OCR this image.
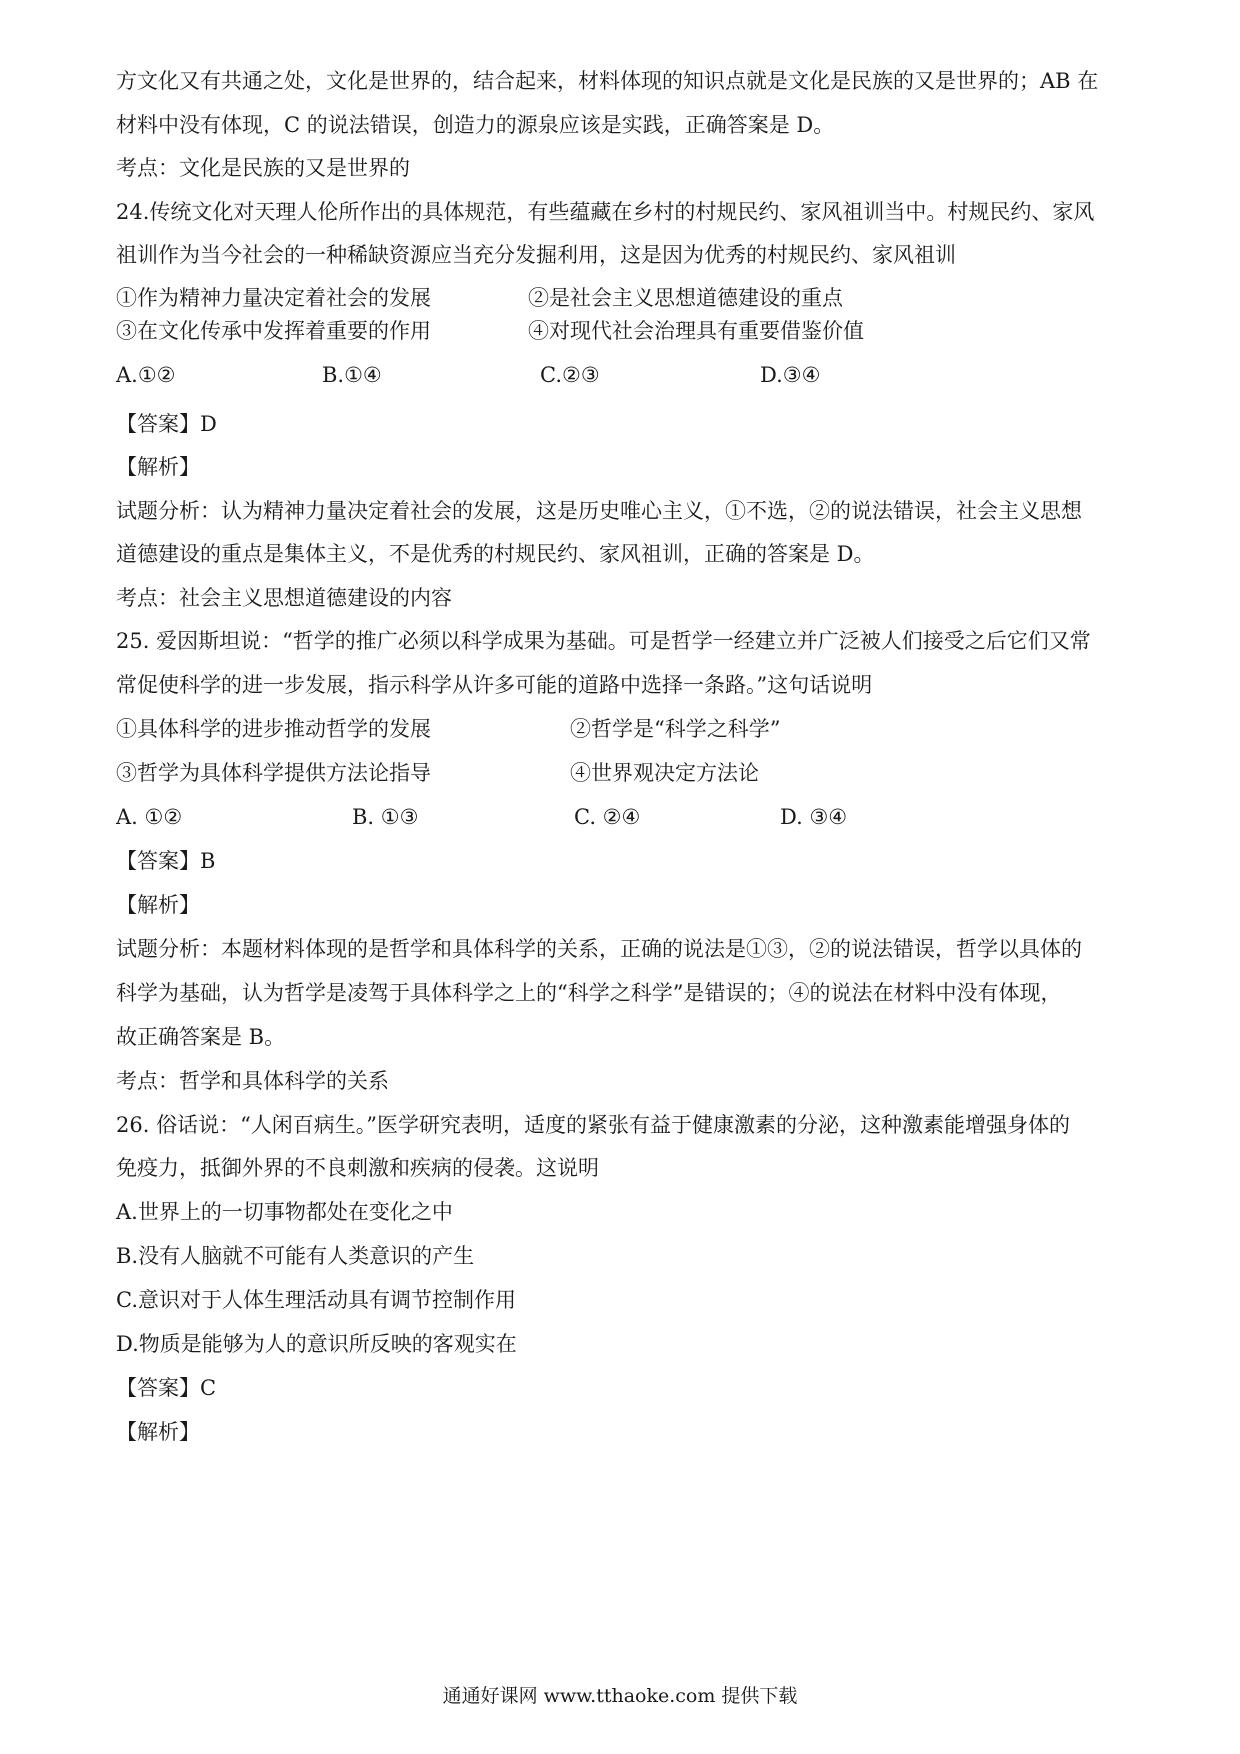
方文化又有共通之处，文化是世界的，结合起来，材料体现的知识点就是文化是民族的又是世界的；AB 在
材料中没有体现，C 的说法错误，创造力的源泉应该是实践，正确答案是 D。
考点：文化是民族的又是世界的
24.传统文化对天理人伦所作出的具体规范，有些蕴藏在乡村的村规民约、家风祖训当中。村规民约、家风
祖训作为当今社会的一种稀缺资源应当充分发掘利用，这是因为优秀的村规民约、家风祖训
①作为精神力量决定着社会的发展	②是社会主义思想道德建设的重点
③在文化传承中发挥着重要的作用	④对现代社会治理具有重要借鉴价值
A.①②	B.①④	C.②③	D.③④
【答案】D
【解析】
试题分析：认为精神力量决定着社会的发展，这是历史唯心主义，①不选，②的说法错误，社会主义思想
道德建设的重点是集体主义，不是优秀的村规民约、家风祖训，正确的答案是 D。
考点：社会主义思想道德建设的内容
25. 爱因斯坦说：“哲学的推广必须以科学成果为基础。可是哲学一经建立并广泛被人们接受之后它们又常
常促使科学的进一步发展，指示科学从许多可能的道路中选择一条路。”这句话说明
①具体科学的进步推动哲学的发展	②哲学是“科学之科学”
③哲学为具体科学提供方法论指导	④世界观决定方法论
A. ①②	B. ①③	C. ②④	D. ③④
【答案】B
【解析】
试题分析：本题材料体现的是哲学和具体科学的关系，正确的说法是①③，②的说法错误，哲学以具体的
科学为基础，认为哲学是凌驾于具体科学之上的“科学之科学”是错误的；④的说法在材料中没有体现，
故正确答案是 B。
考点：哲学和具体科学的关系
26. 俗话说：“人闲百病生。”医学研究表明，适度的紧张有益于健康激素的分泌，这种激素能增强身体的
免疫力，抵御外界的不良刺激和疾病的侵袭。这说明
A.世界上的一切事物都处在变化之中
B.没有人脑就不可能有人类意识的产生
C.意识对于人体生理活动具有调节控制作用
D.物质是能够为人的意识所反映的客观实在
【答案】C
【解析】
通通好课网 www.tthaoke.com 提供下载
